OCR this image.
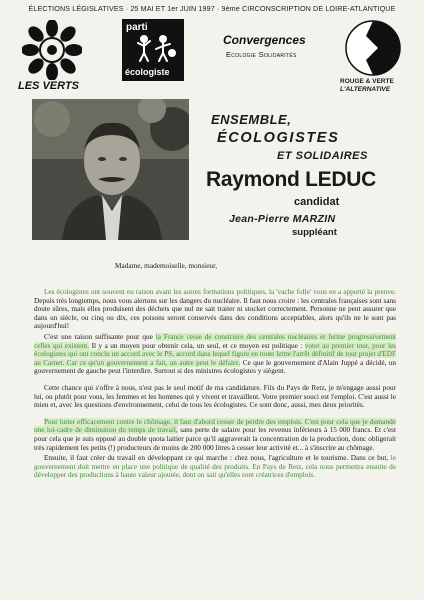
ÉLECTIONS LÉGISLATIVES · 25 MAI ET 1er JUIN 1997 · 9ème CIRCONSCRIPTION DE LOIRE-ATLANTIQUE
LES VERTS
parti
écologiste
Convergences
Ecologie Solidarités
ROUGE & VERTE
L'ALTERNATIVE
ENSEMBLE,
ÉCOLOGISTES
ET SOLIDAIRES
Raymond LEDUC
candidat
Jean-Pierre MARZIN
suppléant
Madame, mademoiselle, monsieur,

Les écologistes ont souvent eu raison avant les autres formations politiques, la 'vache folle' vous en a apporté la preuve. Depuis très longtemps, nous vous alertons sur les dangers du nucléaire. Il faut nous croire : les centrales françaises sont sans doute sûres, mais elles produisent des déchets que nul ne sait traiter ni stocker correctement. Personne ne peut assurer que dans un siècle, ou cinq ou dix, ces poisons seront conservés dans des conditions acceptables, alors qu'ils ne le sont pas aujourd'hui!

C'est une raison suffisante pour que la France cesse de construire des centrales nucléaires et ferme progressivement celles qui existent. Il y a un moyen pour obtenir cela, un seul, et ce moyen est politique : voter au premier tour, pour les écologistes qui ont conclu un accord avec le PS, accord dans lequel figure en toute lettre l'arrêt définitif de tout projet d'EDF au Carnet. Car ce qu'un gouvernement a fait, un autre peut le défaire. Ce que le gouvernement d'Alain Juppé a décidé, un gouvernement de gauche peut l'interdire. Surtout si des ministres écologistes y siègent.

Cette chance qui s'offre à nous, n'est pas le seul motif de ma candidature. Fils du Pays de Retz, je m'engage aussi pour lui, ou plutôt pour vous, les femmes et les hommes qui y vivent et travaillent. Votre premier souci est l'emploi. C'est aussi le mien et, avec les questions d'environnement, celui de tous les écologistes. Ce sont donc, aussi, mes deux priorités.

Pour lutter efficacement contre le chômage, il faut d'abord cesser de perdre des emplois. C'est pour cela que je demande une loi-cadre de diminution du temps de travail, sans perte de salaire pour les revenus inférieurs à 15 000 francs. Et c'est pour cela que je suis opposé au double quota laitier parce qu'il aggraverait la concentration de la production, donc obligerait très rapidement les petits (!) producteurs de moins de 200 000 litres à cesser leur activité et... à s'inscrire au chômage.

Ensuite, il faut créer du travail en développant ce qui marche : chez nous, l'agriculture et le tourisme. Dans ce but, le gouvernement doit mettre en place une politique de qualité des produits. En Pays de Retz, cela nous permettra ensuite de développer des productions à haute valeur ajoutée, dont on sait qu'elles sont créatrices d'emplois.
